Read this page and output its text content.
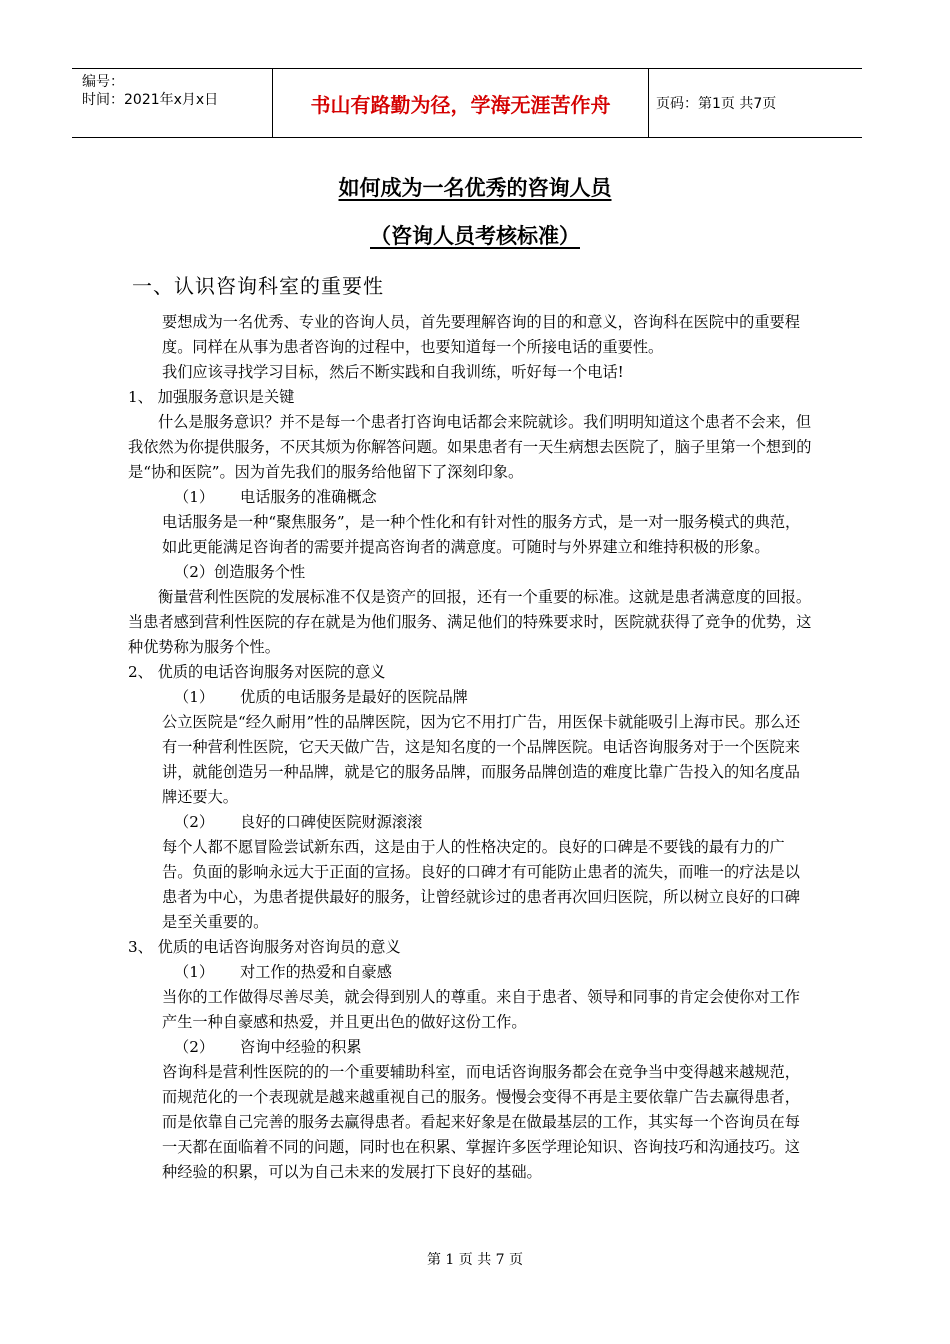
编号：
时间：2021年x月x日	书山有路勤为径，学海无涯苦作舟	页码：第1页 共7页
如何成为一名优秀的咨询人员
（咨询人员考核标准）
一、认识咨询科室的重要性

要想成为一名优秀、专业的咨询人员，首先要理解咨询的目的和意义，咨询科在医院中的重要程度。同样在从事为患者咨询的过程中，也要知道每一个所接电话的重要性。

我们应该寻找学习目标，然后不断实践和自我训练，听好每一个电话!

1、 加强服务意识是关键

什么是服务意识？并不是每一个患者打咨询电话都会来院就诊。我们明明知道这个患者不会来，但我依然为你提供服务，不厌其烦为你解答问题。如果患者有一天生病想去医院了，脑子里第一个想到的是“协和医院”。因为首先我们的服务给他留下了深刻印象。

（1） 电话服务的准确概念

电话服务是一种“聚焦服务”，是一种个性化和有针对性的服务方式，是一对一服务模式的典范，如此更能满足咨询者的需要并提高咨询者的满意度。可随时与外界建立和维持积极的形象。

（2）创造服务个性

衡量营利性医院的发展标准不仅是资产的回报，还有一个重要的标准。这就是患者满意度的回报。当患者感到营利性医院的存在就是为他们服务、满足他们的特殊要求时，医院就获得了竞争的优势，这种优势称为服务个性。

2、 优质的电话咨询服务对医院的意义

（1） 优质的电话服务是最好的医院品牌

公立医院是“经久耐用”性的品牌医院，因为它不用打广告，用医保卡就能吸引上海市民。那么还有一种营利性医院，它天天做广告，这是知名度的一个品牌医院。电话咨询服务对于一个医院来讲，就能创造另一种品牌，就是它的服务品牌，而服务品牌创造的难度比靠广告投入的知名度品牌还要大。

（2） 良好的口碑使医院财源滚滚

每个人都不愿冒险尝试新东西，这是由于人的性格决定的。良好的口碑是不要钱的最有力的广告。负面的影响永远大于正面的宣扬。良好的口碑才有可能防止患者的流失，而唯一的疗法是以患者为中心，为患者提供最好的服务，让曾经就诊过的患者再次回归医院，所以树立良好的口碑是至关重要的。

3、 优质的电话咨询服务对咨询员的意义

（1） 对工作的热爱和自豪感

当你的工作做得尽善尽美，就会得到别人的尊重。来自于患者、领导和同事的肯定会使你对工作产生一种自豪感和热爱，并且更出色的做好这份工作。

（2） 咨询中经验的积累

咨询科是营利性医院的的一个重要辅助科室，而电话咨询服务都会在竞争当中变得越来越规范，而规范化的一个表现就是越来越重视自己的服务。慢慢会变得不再是主要依靠广告去赢得患者，而是依靠自己完善的服务去赢得患者。看起来好象是在做最基层的工作，其实每一个咨询员在每一天都在面临着不同的问题，同时也在积累、掌握许多医学理论知识、咨询技巧和沟通技巧。这种经验的积累，可以为自己未来的发展打下良好的基础。

第 1 页 共 7 页
